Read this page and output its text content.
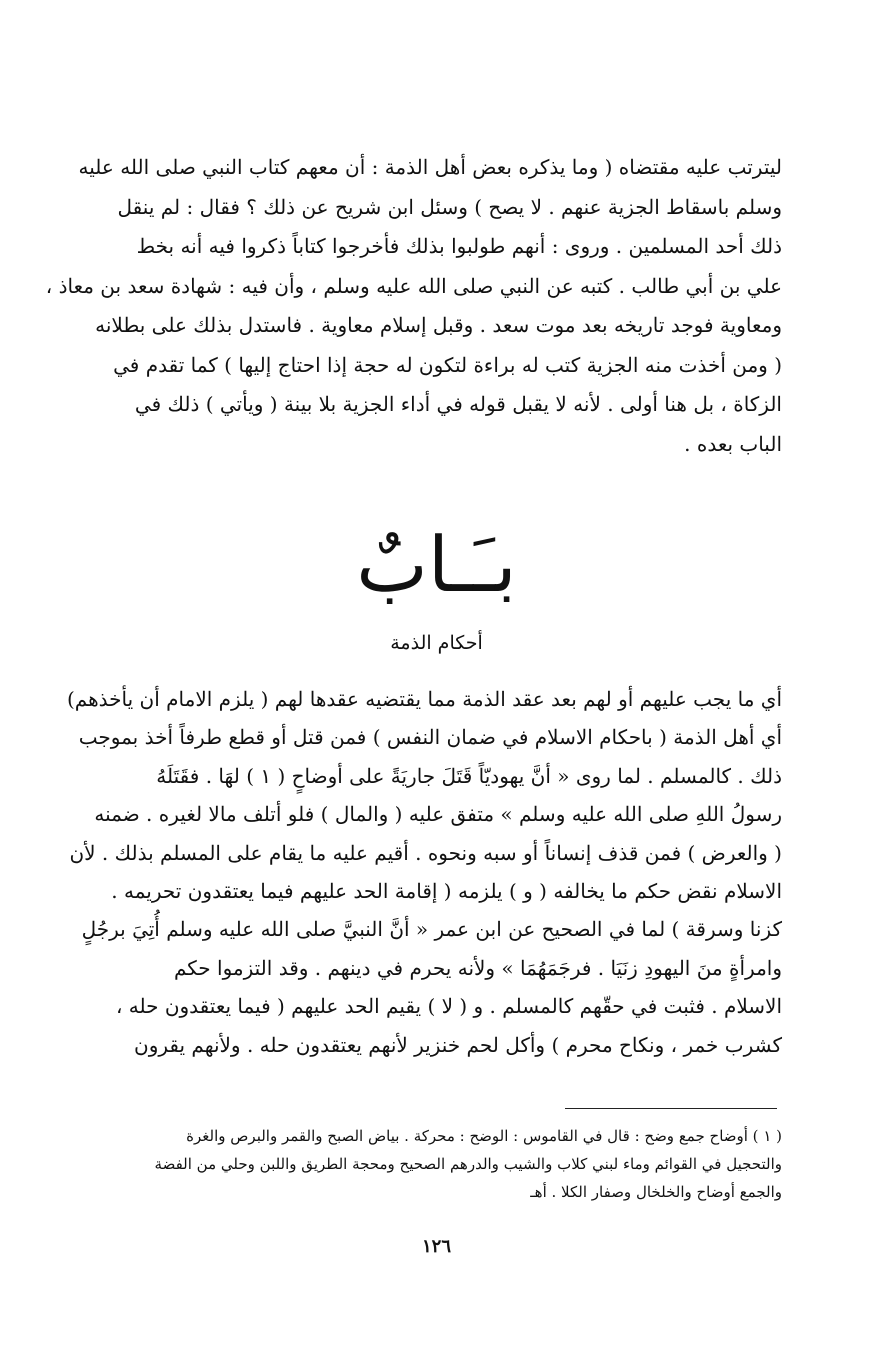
ليترتب عليه مقتضاه ( وما يذكره بعض أهل الذمة : أن معهم كتاب النبي صلى الله عليه
وسلم باسقاط الجزية عنهم . لا يصح ) وسئل ابن شريح عن ذلك ؟ فقال : لم ينقل
ذلك أحد المسلمين . وروى : أنهم طولبوا بذلك فأخرجوا كتاباً ذكروا فيه أنه بخط
علي بن أبي طالب . كتبه عن النبي صلى الله عليه وسلم ، وأن فيه : شهادة سعد بن معاذ ،
ومعاوية فوجد تاريخه بعد موت سعد . وقبل إسلام معاوية . فاستدل بذلك على بطلانه
( ومن أخذت منه الجزية كتب له براءة لتكون له حجة إذا احتاج إليها ) كما تقدم في
الزكاة ، بل هنا أولى . لأنه لا يقبل قوله في أداء الجزية بلا بينة ( ويأتي ) ذلك في
الباب بعده .
بـَـابٌ
أحكام الذمة
أي ما يجب عليهم أو لهم بعد عقد الذمة مما يقتضيه عقدها لهم ( يلزم الامام أن يأخذهم)
أي أهل الذمة ( باحكام الاسلام في ضمان النفس ) فمن قتل أو قطع طرفاً أخذ بموجب
ذلك . كالمسلم . لما روى « أنَّ يهوديّاً قَتَلَ جاريَةً على أوضاحٍ ( ١ ) لهَا . فقَتَلَهُ
رسولُ اللهِ صلى الله عليه وسلم » متفق عليه ( والمال ) فلو أتلف مالا لغيره . ضمنه
( والعرض ) فمن قذف إنساناً أو سبه ونحوه . أقيم عليه ما يقام على المسلم بذلك . لأن
الاسلام نقض حكم ما يخالفه ( و ) يلزمه ( إقامة الحد عليهم فيما يعتقدون تحريمه .
كزنا وسرقة ) لما في الصحيح عن ابن عمر « أنَّ النبيَّ صلى الله عليه وسلم أُتِيَ برجُلٍ
وامرأةٍ منَ اليهودِ زنَيَا . فرجَمَهُمَا » ولأنه يحرم في دينهم . وقد التزموا حكم
الاسلام . فثبت في حقّهم كالمسلم . و ( لا ) يقيم الحد عليهم ( فيما يعتقدون حله ،
كشرب خمر ، ونكاح محرم ) وأكل لحم خنزير لأنهم يعتقدون حله . ولأنهم يقرون
( ١ ) أوضاح جمع وضح : قال في القاموس : الوضح : محركة . بياض الصبح والقمر والبرص والغرة
والتحجيل في القوائم وماء لبني كلاب والشيب والدرهم الصحيح ومحجة الطريق واللبن وحلي من الفضة
والجمع أوضاح والخلخال وصفار الكلا . أهـ
١٢٦
